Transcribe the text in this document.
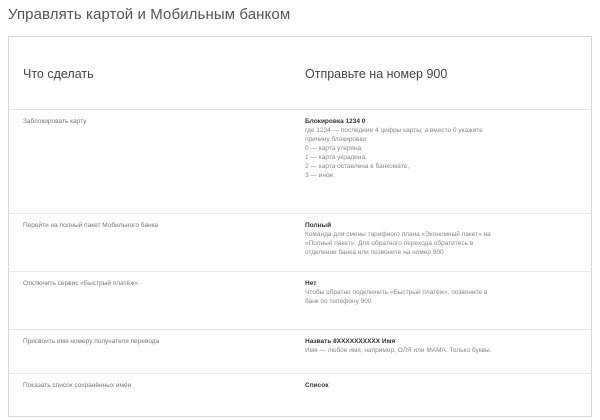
Управлять картой и Мобильным банком
Что сделать	Отправьте на номер 900
Заблокировать карту	Блокировка 1234 0
где 1234 — последние 4 цифры карты, а вместо 0 укажите
причину блокировки:
0 — карта утеряна,
1 — карта украдена,
2 — карта оставлена в банкомате,
3 — иное.
Перейти на полный пакет Мобильного банка	Полный
Команда для смены тарифного плана «Экономный пакет» на
«Полный пакет». Для обратного перехода обратитесь в
отделение банка или позвоните на номер 900
Отключить сервис «Быстрый платёж»	Нет
Чтобы обратно подключить «Быстрый платёж», позвоните в
банк по телефону 900
Присвоить имя номеру получателя перевода	Назвать 8XXXXXXXXXX Имя
Имя — любое имя, например, ОЛЯ или МАМА. Только буквы.
Показать список сохранённых имён	Список
